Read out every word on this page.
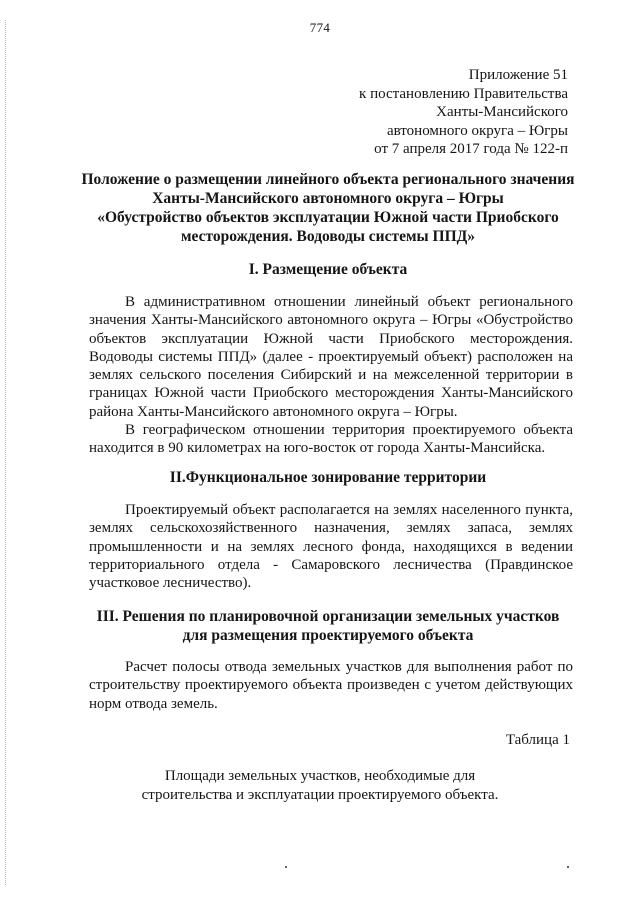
774
Приложение 51
к постановлению Правительства
Ханты-Мансийского
автономного округа – Югры
от 7 апреля 2017 года № 122-п
Положение о размещении линейного объекта регионального значения
Ханты-Мансийского автономного округа – Югры
«Обустройство объектов эксплуатации Южной части Приобского
месторождения. Водоводы системы ППД»
I. Размещение объекта
В административном отношении линейный объект регионального значения Ханты-Мансийского автономного округа – Югры «Обустройство объектов эксплуатации Южной части Приобского месторождения. Водоводы системы ППД» (далее - проектируемый объект) расположен на землях сельского поселения Сибирский и на межселенной территории в границах Южной части Приобского месторождения Ханты-Мансийского района Ханты-Мансийского автономного округа – Югры.
В географическом отношении территория проектируемого объекта находится в 90 километрах на юго-восток от города Ханты-Мансийска.
II.Функциональное зонирование территории
Проектируемый объект располагается на землях населенного пункта, землях сельскохозяйственного назначения, землях запаса, землях промышленности и на землях лесного фонда, находящихся в ведении территориального отдела - Самаровского лесничества (Правдинское участковое лесничество).
III. Решения по планировочной организации земельных участков
для размещения проектируемого объекта
Расчет полосы отвода земельных участков для выполнения работ по строительству проектируемого объекта произведен с учетом действующих норм отвода земель.
Таблица 1
Площади земельных участков, необходимые для
строительства и эксплуатации проектируемого объекта.
